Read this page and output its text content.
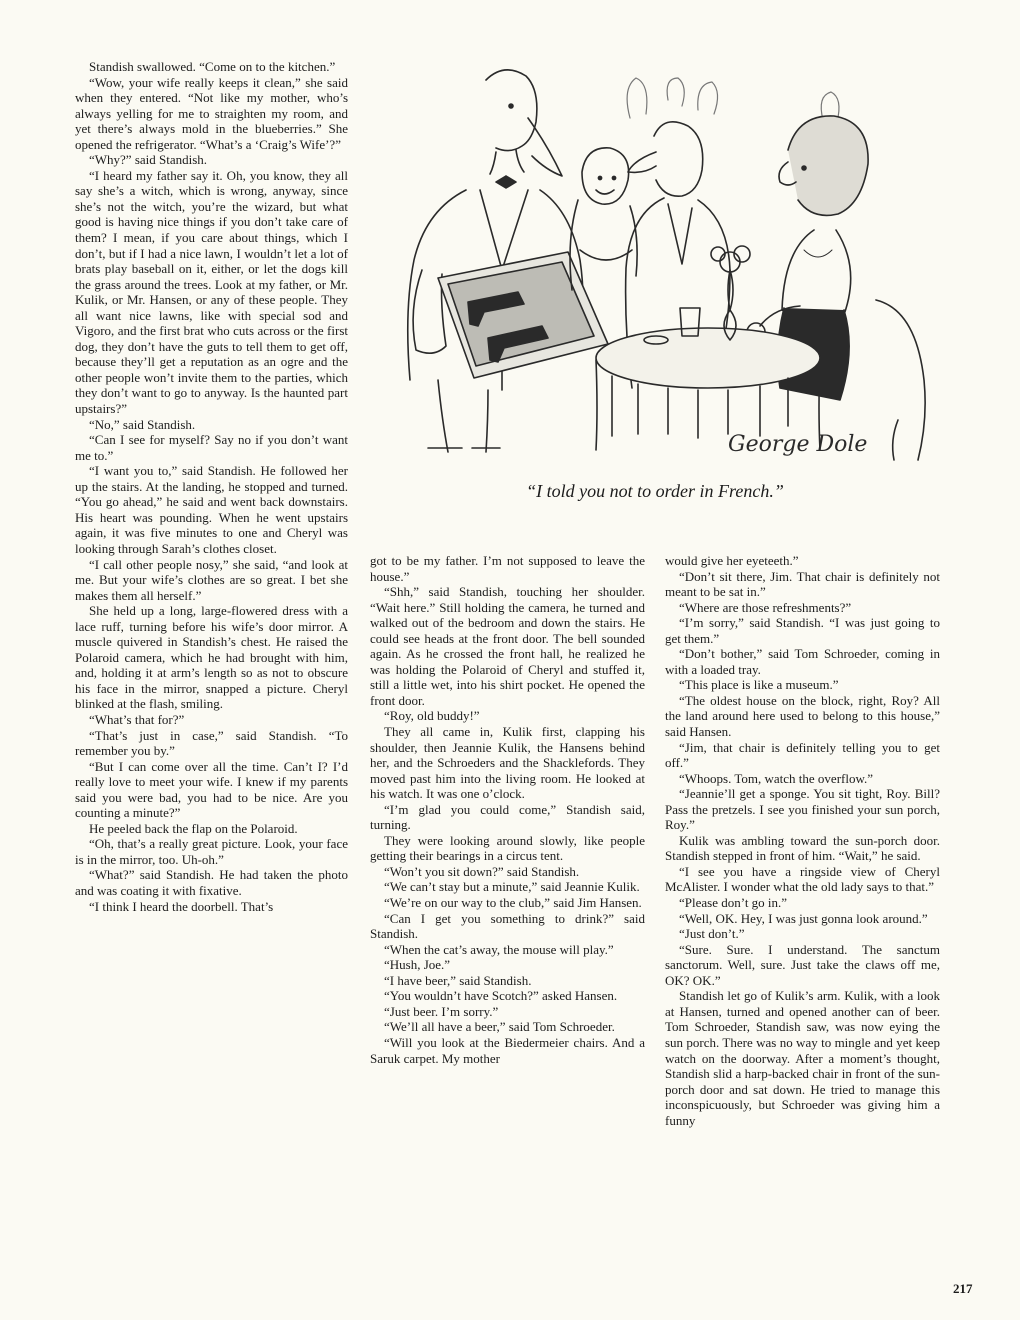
Standish swallowed. “Come on to the kitchen.”

“Wow, your wife really keeps it clean,” she said when they entered. “Not like my mother, who’s always yelling for me to straighten my room, and yet there’s always mold in the blueberries.” She opened the refrigerator. “What’s a ‘Craig’s Wife’?”

“Why?” said Standish.

“I heard my father say it. Oh, you know, they all say she’s a witch, which is wrong, anyway, since she’s not the witch, you’re the wizard, but what good is having nice things if you don’t take care of them? I mean, if you care about things, which I don’t, but if I had a nice lawn, I wouldn’t let a lot of brats play baseball on it, either, or let the dogs kill the grass around the trees. Look at my father, or Mr. Kulik, or Mr. Hansen, or any of these people. They all want nice lawns, like with special sod and Vigoro, and the first brat who cuts across or the first dog, they don’t have the guts to tell them to get off, because they’ll get a reputation as an ogre and the other people won’t invite them to the parties, which they don’t want to go to anyway. Is the haunted part upstairs?”

“No,” said Standish.

“Can I see for myself? Say no if you don’t want me to.”

“I want you to,” said Standish. He followed her up the stairs. At the landing, he stopped and turned. “You go ahead,” he said and went back downstairs. His heart was pounding. When he went upstairs again, it was five minutes to one and Cheryl was looking through Sarah’s clothes closet.

“I call other people nosy,” she said, “and look at me. But your wife’s clothes are so great. I bet she makes them all herself.”

She held up a long, large-flowered dress with a lace ruff, turning before his wife’s door mirror. A muscle quivered in Standish’s chest. He raised the Polaroid camera, which he had brought with him, and, holding it at arm’s length so as not to obscure his face in the mirror, snapped a picture. Cheryl blinked at the flash, smiling.

“What’s that for?”

“That’s just in case,” said Standish. “To remember you by.”

“But I can come over all the time. Can’t I? I’d really love to meet your wife. I knew if my parents said you were bad, you had to be nice. Are you counting a minute?”

He peeled back the flap on the Polaroid.

“Oh, that’s a really great picture. Look, your face is in the mirror, too. Uh-oh.”

“What?” said Standish. He had taken the photo and was coating it with fixative.

“I think I heard the doorbell. That’s

George Dole
“I told you not to order in French.”

got to be my father. I’m not supposed to leave the house.”

“Shh,” said Standish, touching her shoulder. “Wait here.” Still holding the camera, he turned and walked out of the bedroom and down the stairs. He could see heads at the front door. The bell sounded again. As he crossed the front hall, he realized he was holding the Polaroid of Cheryl and stuffed it, still a little wet, into his shirt pocket. He opened the front door.

“Roy, old buddy!”

They all came in, Kulik first, clapping his shoulder, then Jeannie Kulik, the Hansens behind her, and the Schroeders and the Shacklefords. They moved past him into the living room. He looked at his watch. It was one o’clock.

“I’m glad you could come,” Standish said, turning.

They were looking around slowly, like people getting their bearings in a circus tent.

“Won’t you sit down?” said Standish.

“We can’t stay but a minute,” said Jeannie Kulik.

“We’re on our way to the club,” said Jim Hansen.

“Can I get you something to drink?” said Standish.

“When the cat’s away, the mouse will play.”

“Hush, Joe.”

“I have beer,” said Standish.

“You wouldn’t have Scotch?” asked Hansen.

“Just beer. I’m sorry.”

“We’ll all have a beer,” said Tom Schroeder.

“Will you look at the Biedermeier chairs. And a Saruk carpet. My mother

would give her eyeteeth.”

“Don’t sit there, Jim. That chair is definitely not meant to be sat in.”

“Where are those refreshments?”

“I’m sorry,” said Standish. “I was just going to get them.”

“Don’t bother,” said Tom Schroeder, coming in with a loaded tray.

“This place is like a museum.”

“The oldest house on the block, right, Roy? All the land around here used to belong to this house,” said Hansen.

“Jim, that chair is definitely telling you to get off.”

“Whoops. Tom, watch the overflow.”

“Jeannie’ll get a sponge. You sit tight, Roy. Bill? Pass the pretzels. I see you finished your sun porch, Roy.”

Kulik was ambling toward the sun-porch door. Standish stepped in front of him. “Wait,” he said.

“I see you have a ringside view of Cheryl McAlister. I wonder what the old lady says to that.”

“Please don’t go in.”

“Well, OK. Hey, I was just gonna look around.”

“Just don’t.”

“Sure. Sure. I understand. The sanctum sanctorum. Well, sure. Just take the claws off me, OK? OK.”

Standish let go of Kulik’s arm. Kulik, with a look at Hansen, turned and opened another can of beer. Tom Schroeder, Standish saw, was now eying the sun porch. There was no way to mingle and yet keep watch on the doorway. After a moment’s thought, Standish slid a harp-backed chair in front of the sun-porch door and sat down. He tried to manage this inconspicuously, but Schroeder was giving him a funny

217
